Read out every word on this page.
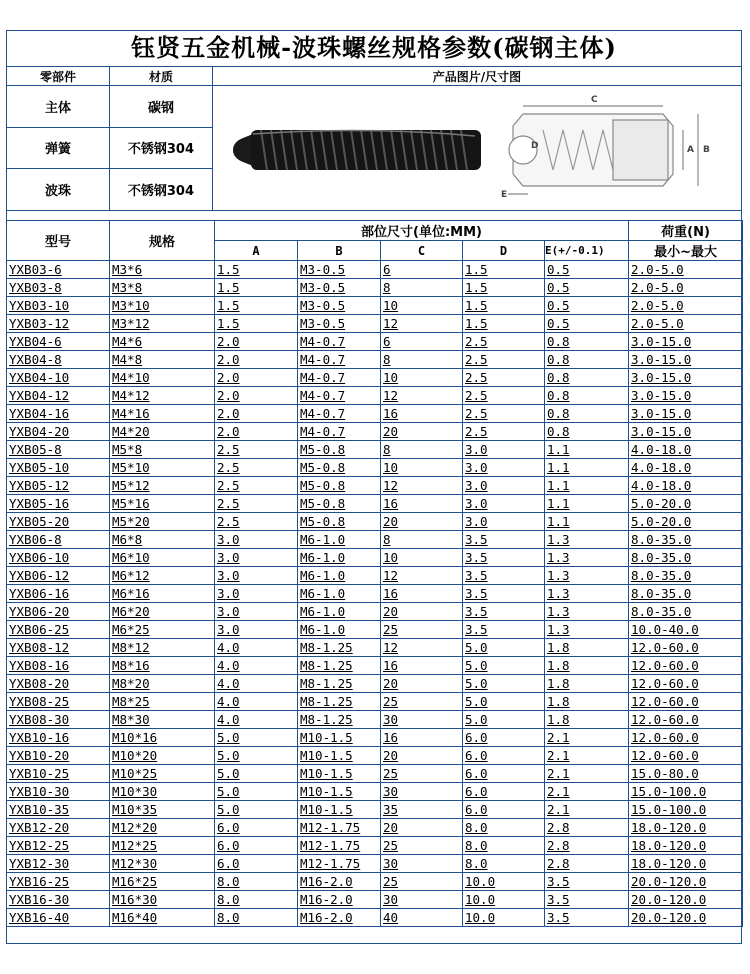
钰贤五金机械-波珠螺丝规格参数(碳钢主体)
零部件	材质	产品图片/尺寸图
主体	碳钢	C
D A B
E

弹簧	不锈钢304	
波珠	不锈钢304	
型号	规格	部位尺寸(单位:MM)					荷重(N)
		A	B	C	D	E(+/-0.1)	最小~最大
YXB03-6	M3*6	1.5	M3-0.5	6	1.5	0.5	2.0-5.0
YXB03-8	M3*8	1.5	M3-0.5	8	1.5	0.5	2.0-5.0
YXB03-10	M3*10	1.5	M3-0.5	10	1.5	0.5	2.0-5.0
YXB03-12	M3*12	1.5	M3-0.5	12	1.5	0.5	2.0-5.0
YXB04-6	M4*6	2.0	M4-0.7	6	2.5	0.8	3.0-15.0
YXB04-8	M4*8	2.0	M4-0.7	8	2.5	0.8	3.0-15.0
YXB04-10	M4*10	2.0	M4-0.7	10	2.5	0.8	3.0-15.0
YXB04-12	M4*12	2.0	M4-0.7	12	2.5	0.8	3.0-15.0
YXB04-16	M4*16	2.0	M4-0.7	16	2.5	0.8	3.0-15.0
YXB04-20	M4*20	2.0	M4-0.7	20	2.5	0.8	3.0-15.0
YXB05-8	M5*8	2.5	M5-0.8	8	3.0	1.1	4.0-18.0
YXB05-10	M5*10	2.5	M5-0.8	10	3.0	1.1	4.0-18.0
YXB05-12	M5*12	2.5	M5-0.8	12	3.0	1.1	4.0-18.0
YXB05-16	M5*16	2.5	M5-0.8	16	3.0	1.1	5.0-20.0
YXB05-20	M5*20	2.5	M5-0.8	20	3.0	1.1	5.0-20.0
YXB06-8	M6*8	3.0	M6-1.0	8	3.5	1.3	8.0-35.0
YXB06-10	M6*10	3.0	M6-1.0	10	3.5	1.3	8.0-35.0
YXB06-12	M6*12	3.0	M6-1.0	12	3.5	1.3	8.0-35.0
YXB06-16	M6*16	3.0	M6-1.0	16	3.5	1.3	8.0-35.0
YXB06-20	M6*20	3.0	M6-1.0	20	3.5	1.3	8.0-35.0
YXB06-25	M6*25	3.0	M6-1.0	25	3.5	1.3	10.0-40.0
YXB08-12	M8*12	4.0	M8-1.25	12	5.0	1.8	12.0-60.0
YXB08-16	M8*16	4.0	M8-1.25	16	5.0	1.8	12.0-60.0
YXB08-20	M8*20	4.0	M8-1.25	20	5.0	1.8	12.0-60.0
YXB08-25	M8*25	4.0	M8-1.25	25	5.0	1.8	12.0-60.0
YXB08-30	M8*30	4.0	M8-1.25	30	5.0	1.8	12.0-60.0
YXB10-16	M10*16	5.0	M10-1.5	16	6.0	2.1	12.0-60.0
YXB10-20	M10*20	5.0	M10-1.5	20	6.0	2.1	12.0-60.0
YXB10-25	M10*25	5.0	M10-1.5	25	6.0	2.1	15.0-80.0
YXB10-30	M10*30	5.0	M10-1.5	30	6.0	2.1	15.0-100.0
YXB10-35	M10*35	5.0	M10-1.5	35	6.0	2.1	15.0-100.0
YXB12-20	M12*20	6.0	M12-1.75	20	8.0	2.8	18.0-120.0
YXB12-25	M12*25	6.0	M12-1.75	25	8.0	2.8	18.0-120.0
YXB12-30	M12*30	6.0	M12-1.75	30	8.0	2.8	18.0-120.0
YXB16-25	M16*25	8.0	M16-2.0	25	10.0	3.5	20.0-120.0
YXB16-30	M16*30	8.0	M16-2.0	30	10.0	3.5	20.0-120.0
YXB16-40	M16*40	8.0	M16-2.0	40	10.0	3.5	20.0-120.0
